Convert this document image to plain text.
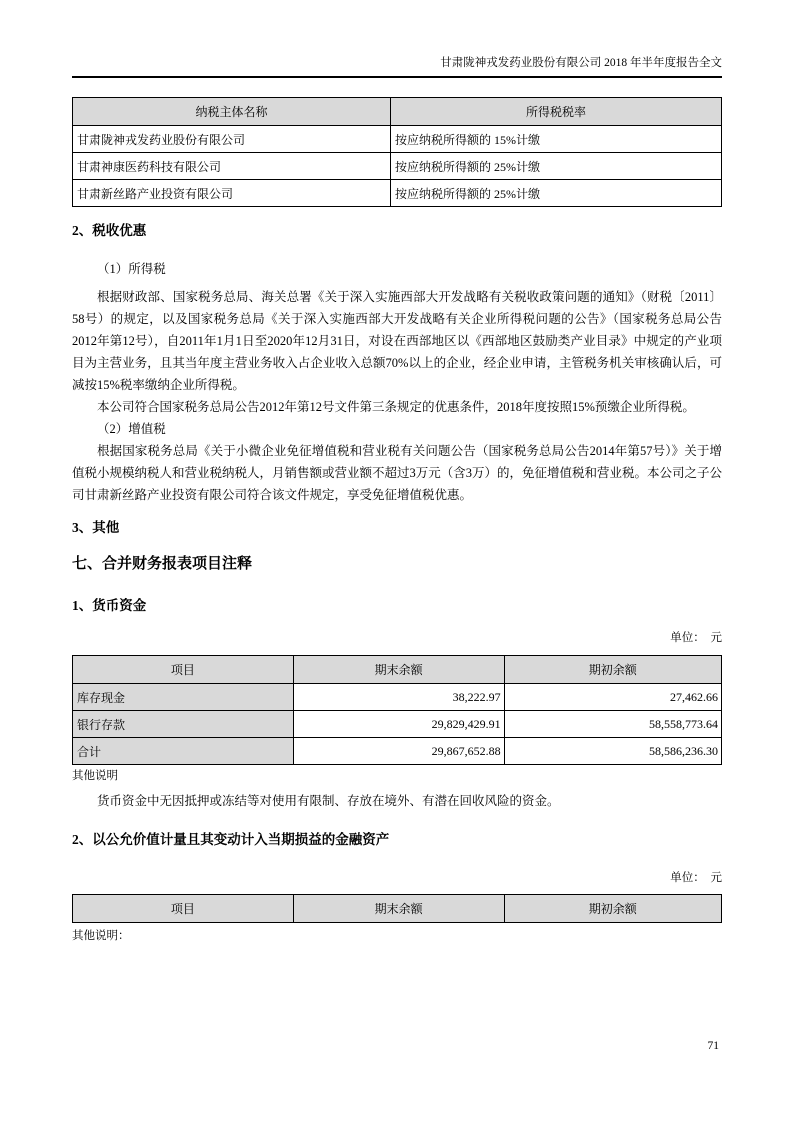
甘肃陇神戎发药业股份有限公司 2018 年半年度报告全文
纳税主体名称	所得税税率
甘肃陇神戎发药业股份有限公司	按应纳税所得额的 15%计缴
甘肃神康医药科技有限公司	按应纳税所得额的 25%计缴
甘肃新丝路产业投资有限公司	按应纳税所得额的 25%计缴
2、税收优惠
（1）所得税

根据财政部、国家税务总局、海关总署《关于深入实施西部大开发战略有关税收政策问题的通知》（财税〔2011〕58号）的规定，以及国家税务总局《关于深入实施西部大开发战略有关企业所得税问题的公告》（国家税务总局公告2012年第12号），自2011年1月1日至2020年12月31日，对设在西部地区以《西部地区鼓励类产业目录》中规定的产业项目为主营业务，且其当年度主营业务收入占企业收入总额70%以上的企业，经企业申请，主管税务机关审核确认后，可减按15%税率缴纳企业所得税。

本公司符合国家税务总局公告2012年第12号文件第三条规定的优惠条件，2018年度按照15%预缴企业所得税。

（2）增值税

根据国家税务总局《关于小微企业免征增值税和营业税有关问题公告（国家税务总局公告2014年第57号）》关于增值税小规模纳税人和营业税纳税人，月销售额或营业额不超过3万元（含3万）的，免征增值税和营业税。本公司之子公司甘肃新丝路产业投资有限公司符合该文件规定，享受免征增值税优惠。

3、其他
七、合并财务报表项目注释
1、货币资金
单位：　元
项目	期末余额	期初余额
库存现金	38,222.97	27,462.66
银行存款	29,829,429.91	58,558,773.64
合计	29,867,652.88	58,586,236.30
其他说明
货币资金中无因抵押或冻结等对使用有限制、存放在境外、有潜在回收风险的资金。
2、以公允价值计量且其变动计入当期损益的金融资产
单位：　元
项目	期末余额	期初余额
其他说明：
71
